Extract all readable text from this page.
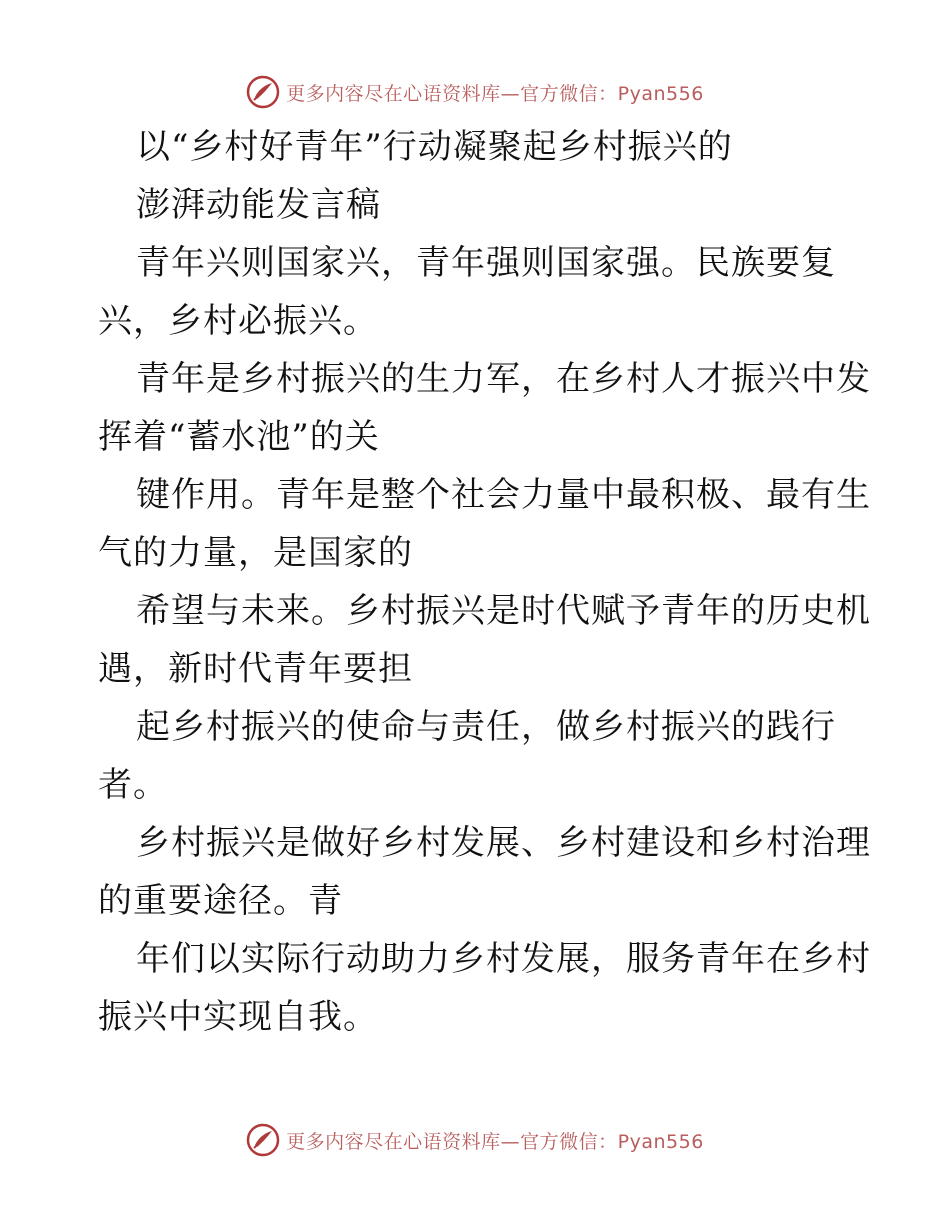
更多内容尽在心语资料库—官方微信：Pyan556
以“乡村好青年”行动凝聚起乡村振兴的
澎湃动能发言稿
青年兴则国家兴，青年强则国家强。民族要复
兴，乡村必振兴。
青年是乡村振兴的生力军，在乡村人才振兴中发
挥着“蓄水池”的关
键作用。青年是整个社会力量中最积极、最有生
气的力量，是国家的
希望与未来。乡村振兴是时代赋予青年的历史机
遇，新时代青年要担
起乡村振兴的使命与责任，做乡村振兴的践行
者。
乡村振兴是做好乡村发展、乡村建设和乡村治理
的重要途径。青
年们以实际行动助力乡村发展，服务青年在乡村
振兴中实现自我。
更多内容尽在心语资料库—官方微信：Pyan556
